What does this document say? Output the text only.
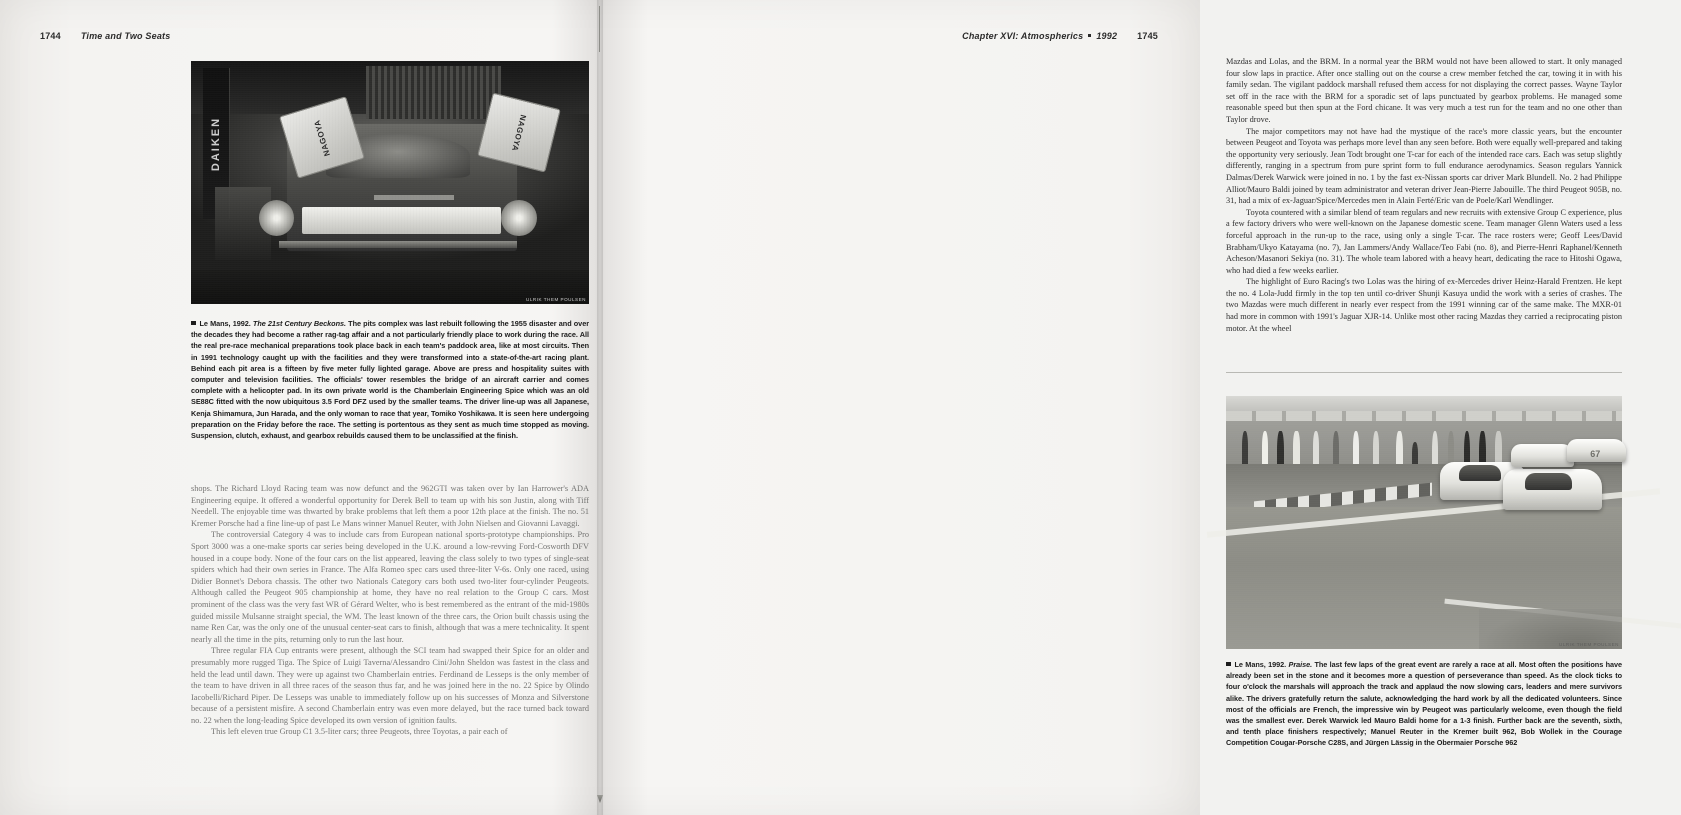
1744 Time and Two Seats
DAIKEN	NAGOYA	NAGOYA
ULRIK THEM POULSEN
Le Mans, 1992. The 21st Century Beckons. The pits complex was last rebuilt following the 1955 disaster and over the decades they had become a rather rag-tag affair and a not particularly friendly place to work during the race. All the real pre-race mechanical preparations took place back in each team's paddock area, like at most circuits. Then in 1991 technology caught up with the facilities and they were transformed into a state-of-the-art racing plant. Behind each pit area is a fifteen by five meter fully lighted garage. Above are press and hospitality suites with computer and television facilities. The officials' tower resembles the bridge of an aircraft carrier and comes complete with a helicopter pad. In its own private world is the Chamberlain Engineering Spice which was an old SE88C fitted with the now ubiquitous 3.5 Ford DFZ used by the smaller teams. The driver line-up was all Japanese, Kenja Shimamura, Jun Harada, and the only woman to race that year, Tomiko Yoshikawa. It is seen here undergoing preparation on the Friday before the race. The setting is portentous as they sent as much time stopped as moving. Suspension, clutch, exhaust, and gearbox rebuilds caused them to be unclassified at the finish.

shops. The Richard Lloyd Racing team was now defunct and the 962GTI was taken over by Ian Harrower's ADA Engineering equipe. It offered a wonderful opportunity for Derek Bell to team up with his son Justin, along with Tiff Needell. The enjoyable time was thwarted by brake problems that left them a poor 12th place at the finish. The no. 51 Kremer Porsche had a fine line-up of past Le Mans winner Manuel Reuter, with John Nielsen and Giovanni Lavaggi.

The controversial Category 4 was to include cars from European national sports-prototype championships. Pro Sport 3000 was a one-make sports car series being developed in the U.K. around a low-revving Ford-Cosworth DFV housed in a coupe body. None of the four cars on the list appeared, leaving the class solely to two types of single-seat spiders which had their own series in France. The Alfa Romeo spec cars used three-liter V-6s. Only one raced, using Didier Bonnet's Debora chassis. The other two Nationals Category cars both used two-liter four-cylinder Peugeots. Although called the Peugeot 905 championship at home, they have no real relation to the Group C cars. Most prominent of the class was the very fast WR of Gérard Welter, who is best remembered as the entrant of the mid-1980s guided missile Mulsanne straight special, the WM. The least known of the three cars, the Orion built chassis using the name Ren Car, was the only one of the unusual center-seat cars to finish, although that was a mere technicality. It spent nearly all the time in the pits, returning only to run the last hour.

Three regular FIA Cup entrants were present, although the SCI team had swapped their Spice for an older and presumably more rugged Tiga. The Spice of Luigi Taverna/Alessandro Cini/John Sheldon was fastest in the class and held the lead until dawn. They were up against two Chamberlain entries. Ferdinand de Lesseps is the only member of the team to have driven in all three races of the season thus far, and he was joined here in the no. 22 Spice by Olindo Iacobelli/Richard Piper. De Lesseps was unable to immediately follow up on his successes of Monza and Silverstone because of a persistent misfire. A second Chamberlain entry was even more delayed, but the race turned back toward no. 22 when the long-leading Spice developed its own version of ignition faults.

This left eleven true Group C1 3.5-liter cars; three Peugeots, three Toyotas, a pair each of

Chapter XVI: Atmospherics 1992 1745

Mazdas and Lolas, and the BRM. In a normal year the BRM would not have been allowed to start. It only managed four slow laps in practice. After once stalling out on the course a crew member fetched the car, towing it in with his family sedan. The vigilant paddock marshall refused them access for not displaying the correct passes. Wayne Taylor set off in the race with the BRM for a sporadic set of laps punctuated by gearbox problems. He managed some reasonable speed but then spun at the Ford chicane. It was very much a test run for the team and no one other than Taylor drove.

The major competitors may not have had the mystique of the race's more classic years, but the encounter between Peugeot and Toyota was perhaps more level than any seen before. Both were equally well-prepared and taking the opportunity very seriously. Jean Todt brought one T-car for each of the intended race cars. Each was setup slightly differently, ranging in a spectrum from pure sprint form to full endurance aerodynamics. Season regulars Yannick Dalmas/Derek Warwick were joined in no. 1 by the fast ex-Nissan sports car driver Mark Blundell. No. 2 had Philippe Alliot/Mauro Baldi joined by team administrator and veteran driver Jean-Pierre Jabouille. The third Peugeot 905B, no. 31, had a mix of ex-Jaguar/Spice/Mercedes men in Alain Ferté/Eric van de Poele/Karl Wendlinger.

Toyota countered with a similar blend of team regulars and new recruits with extensive Group C experience, plus a few factory drivers who were well-known on the Japanese domestic scene. Team manager Glenn Waters used a less forceful approach in the run-up to the race, using only a single T-car. The race rosters were; Geoff Lees/David Brabham/Ukyo Katayama (no. 7), Jan Lammers/Andy Wallace/Teo Fabi (no. 8), and Pierre-Henri Raphanel/Kenneth Acheson/Masanori Sekiya (no. 31). The whole team labored with a heavy heart, dedicating the race to Hitoshi Ogawa, who had died a few weeks earlier.

The highlight of Euro Racing's two Lolas was the hiring of ex-Mercedes driver Heinz-Harald Frentzen. He kept the no. 4 Lola-Judd firmly in the top ten until co-driver Shunji Kasuya undid the work with a series of crashes. The two Mazdas were much different in nearly ever respect from the 1991 winning car of the same make. The MXR-01 had more in common with 1991's Jaguar XJR-14. Unlike most other racing Mazdas they carried a reciprocating piston motor. At the wheel

67
ULRIK THEM POULSEN
Le Mans, 1992. Praise. The last few laps of the great event are rarely a race at all. Most often the positions have already been set in the stone and it becomes more a question of perseverance than speed. As the clock ticks to four o'clock the marshals will approach the track and applaud the now slowing cars, leaders and mere survivors alike. The drivers gratefully return the salute, acknowledging the hard work by all the dedicated volunteers. Since most of the officials are French, the impressive win by Peugeot was particularly welcome, even though the field was the smallest ever. Derek Warwick led Mauro Baldi home for a 1-3 finish. Further back are the seventh, sixth, and tenth place finishers respectively; Manuel Reuter in the Kremer built 962, Bob Wollek in the Courage Competition Cougar-Porsche C28S, and Jürgen Lässig in the Obermaier Porsche 962
